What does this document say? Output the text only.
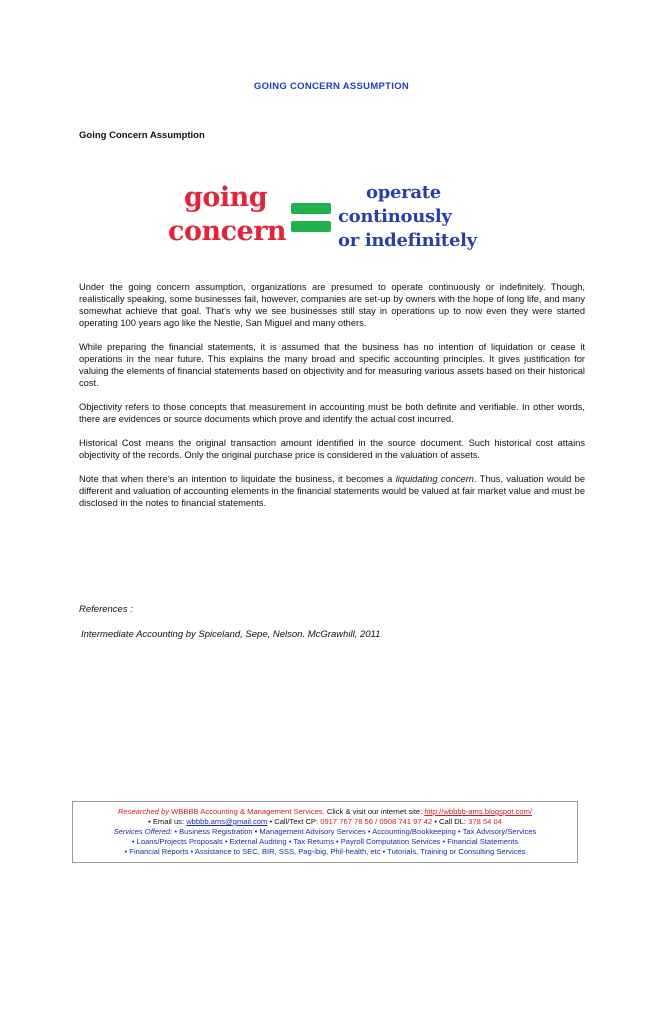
GOING CONCERN ASSUMPTION
Going Concern Assumption
going
concern
operate
continously
or indefinitely

Under the going concern assumption, organizations are presumed to operate continuously or indefinitely. Though, realistically speaking, some businesses fail, however, companies are set-up by owners with the hope of long life, and many somewhat achieve that goal. That’s why we see businesses still stay in operations up to now even they were started operating 100 years ago like the Nestle, San Miguel and many others.

While preparing the financial statements, it is assumed that the business has no intention of liquidation or cease it operations in the near future. This explains the many broad and specific accounting principles. It gives justification for valuing the elements of financial statements based on objectivity and for measuring various assets based on their historical cost.

Objectivity refers to those concepts that measurement in accounting must be both definite and verifiable. In other words, there are evidences or source documents which prove and identify the actual cost incurred.

Historical Cost means the original transaction amount identified in the source document. Such historical cost attains objectivity of the records. Only the original purchase price is considered in the valuation of assets.

Note that when there’s an intention to liquidate the business, it becomes a liquidating concern. Thus, valuation would be different and valuation of accounting elements in the financial statements would be valued at fair market value and must be disclosed in the notes to financial statements.

References :
Intermediate Accounting by Spiceland, Sepe, Nelson. McGrawhill, 2011
Researched by WBBBB Accounting & Management Services. Click & visit our internet site: http://wbbbb-ams.blogspot.com/
• Email us: wbbbb.ams@gmail.com • Call/Text CP: 0917 767 78 56 / 0908 741 97 42 • Call DL: 378 54 04
Services Offered: • Business Registration • Management Advisory Services • Accounting/Bookkeeping • Tax Advisory/Services
• Loans/Projects Proposals • External Auditing • Tax Returns • Payroll Computation Services • Financial Statements
• Financial Reports • Assistance to SEC, BIR, SSS, Pag-ibig, Phil-health, etc • Tutorials, Training or Consulting Services
